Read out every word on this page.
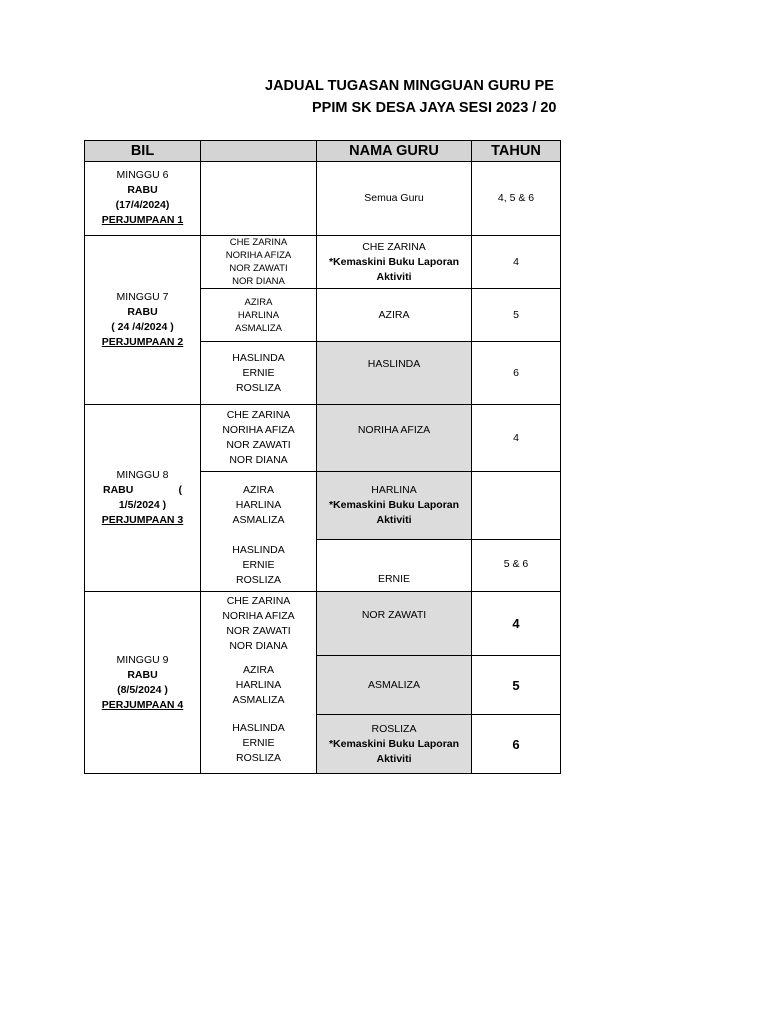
JADUAL TUGASAN MINGGUAN GURU PE
PPIM SK DESA JAYA SESI 2023 / 20
BIL		NAMA GURU	TAHUN

MINGGU 6
RABU
(17/4/2024)
PERJUMPAAN 1		Semua Guru	4, 5 & 6

MINGGU 7
RABU
( 24 /4/2024 )
PERJUMPAAN 2	CHE ZARINA
NORIHA AFIZA
NOR ZAWATI
NOR DIANA	CHE ZARINA
*Kemaskini Buku Laporan
Aktiviti	4

	AZIRA
HARLINA
ASMALIZA	AZIRA	5

	HASLINDA
ERNIE
ROSLIZA	HASLINDA	6

MINGGU 8
RABU (
1/5/2024 )
PERJUMPAAN 3	CHE ZARINA
NORIHA AFIZA
NOR ZAWATI
NOR DIANA	NORIHA AFIZA	4

	AZIRA
HARLINA
ASMALIZA	HARLINA
*Kemaskini Buku Laporan
Aktiviti	

	HASLINDA
ERNIE
ROSLIZA	ERNIE	5 & 6

MINGGU 9
RABU
(8/5/2024 )
PERJUMPAAN 4	CHE ZARINA
NORIHA AFIZA
NOR ZAWATI
NOR DIANA	NOR ZAWATI	4

	AZIRA
HARLINA
ASMALIZA	ASMALIZA	5

	HASLINDA
ERNIE
ROSLIZA	ROSLIZA
*Kemaskini Buku Laporan
Aktiviti	6
